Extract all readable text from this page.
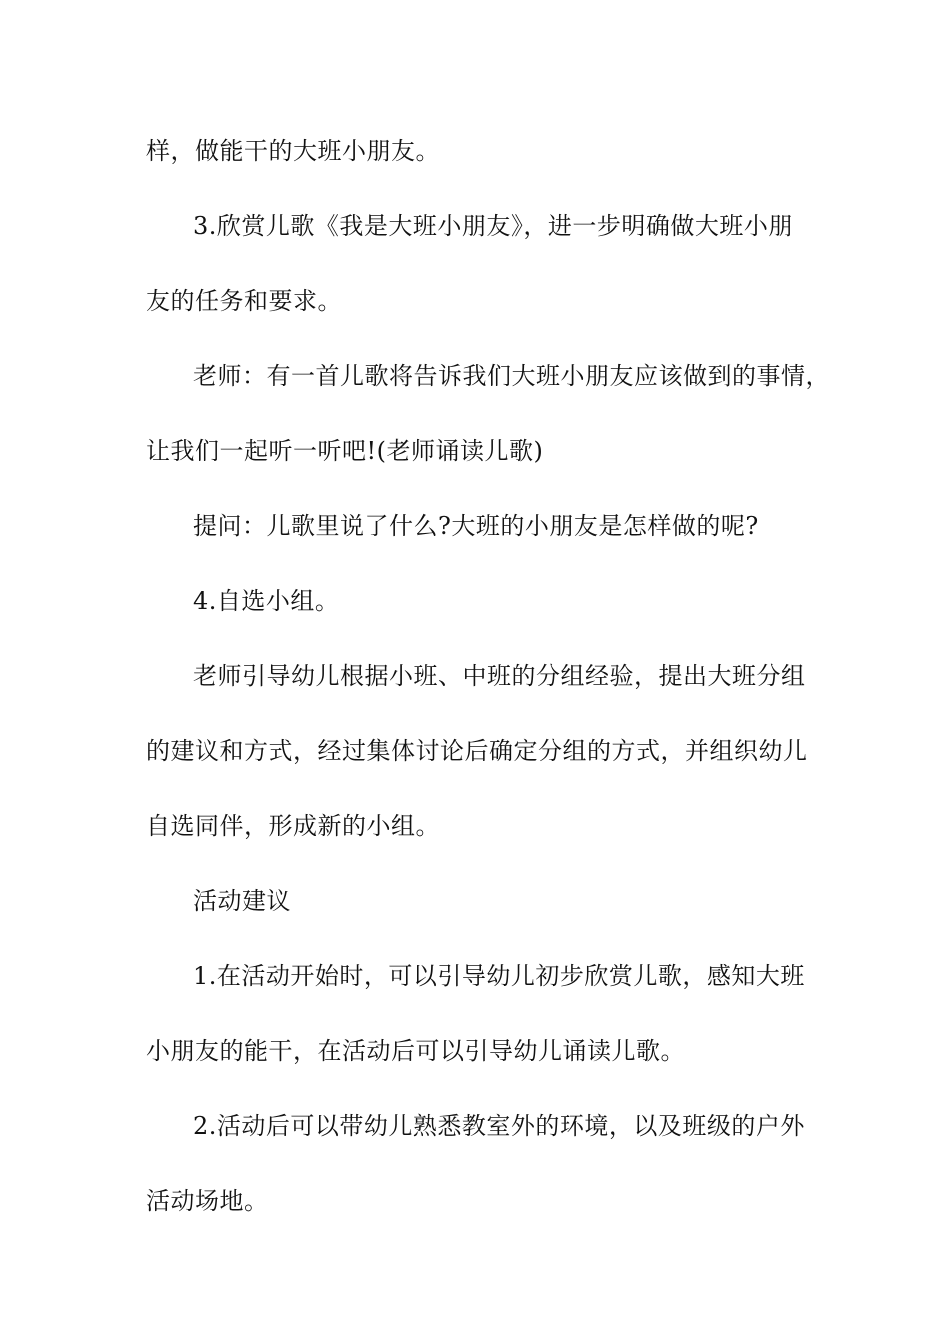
样，做能干的大班小朋友。
3.欣赏儿歌《我是大班小朋友》，进一步明确做大班小朋
友的任务和要求。
老师：有一首儿歌将告诉我们大班小朋友应该做到的事情，
让我们一起听一听吧!(老师诵读儿歌)
提问：儿歌里说了什么?大班的小朋友是怎样做的呢?
4.自选小组。
老师引导幼儿根据小班、中班的分组经验，提出大班分组
的建议和方式，经过集体讨论后确定分组的方式，并组织幼儿
自选同伴，形成新的小组。
活动建议
1.在活动开始时，可以引导幼儿初步欣赏儿歌，感知大班
小朋友的能干，在活动后可以引导幼儿诵读儿歌。
2.活动后可以带幼儿熟悉教室外的环境，以及班级的户外
活动场地。
